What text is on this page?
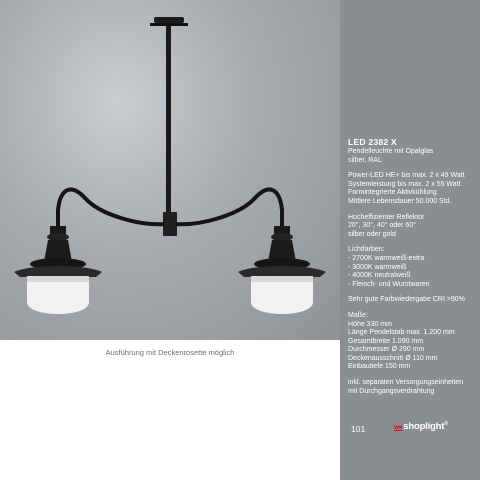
Ausführung mit Deckenrosette möglich
LED 2382 X
Pendelleuchte mit Opalglas
silber, RAL
Power-LED HE+ bis max. 2 x 49 Watt
Systemleistung bis max. 2 x 55 Watt
Formintegrierte Aktivkühlung
Mittlere Lebensdauer 50.000 Std.
Hocheffizienter Reflektor
20°, 30°, 40° oder 60°
silber oder gold
Lichtfarben:
- 2700K warmweiß-extra
- 3000K warmweiß
- 4000K neutralweiß
- Fleisch- und Wurstwaren
Sehr gute Farbwiedergabe CRI >90%
Maße:
Höhe 330 mm
Länge Pendelstab max. 1.200 mm
Gesamtbreite 1.090 mm
Durchmesser Ø 290 mm
Deckenausschnitt Ø 110 mm
Einbautiefe 150 mm
inkl. separaten Versorgungseinheiten
mit Durchgangsverdrahtung
101	weshoplight®
